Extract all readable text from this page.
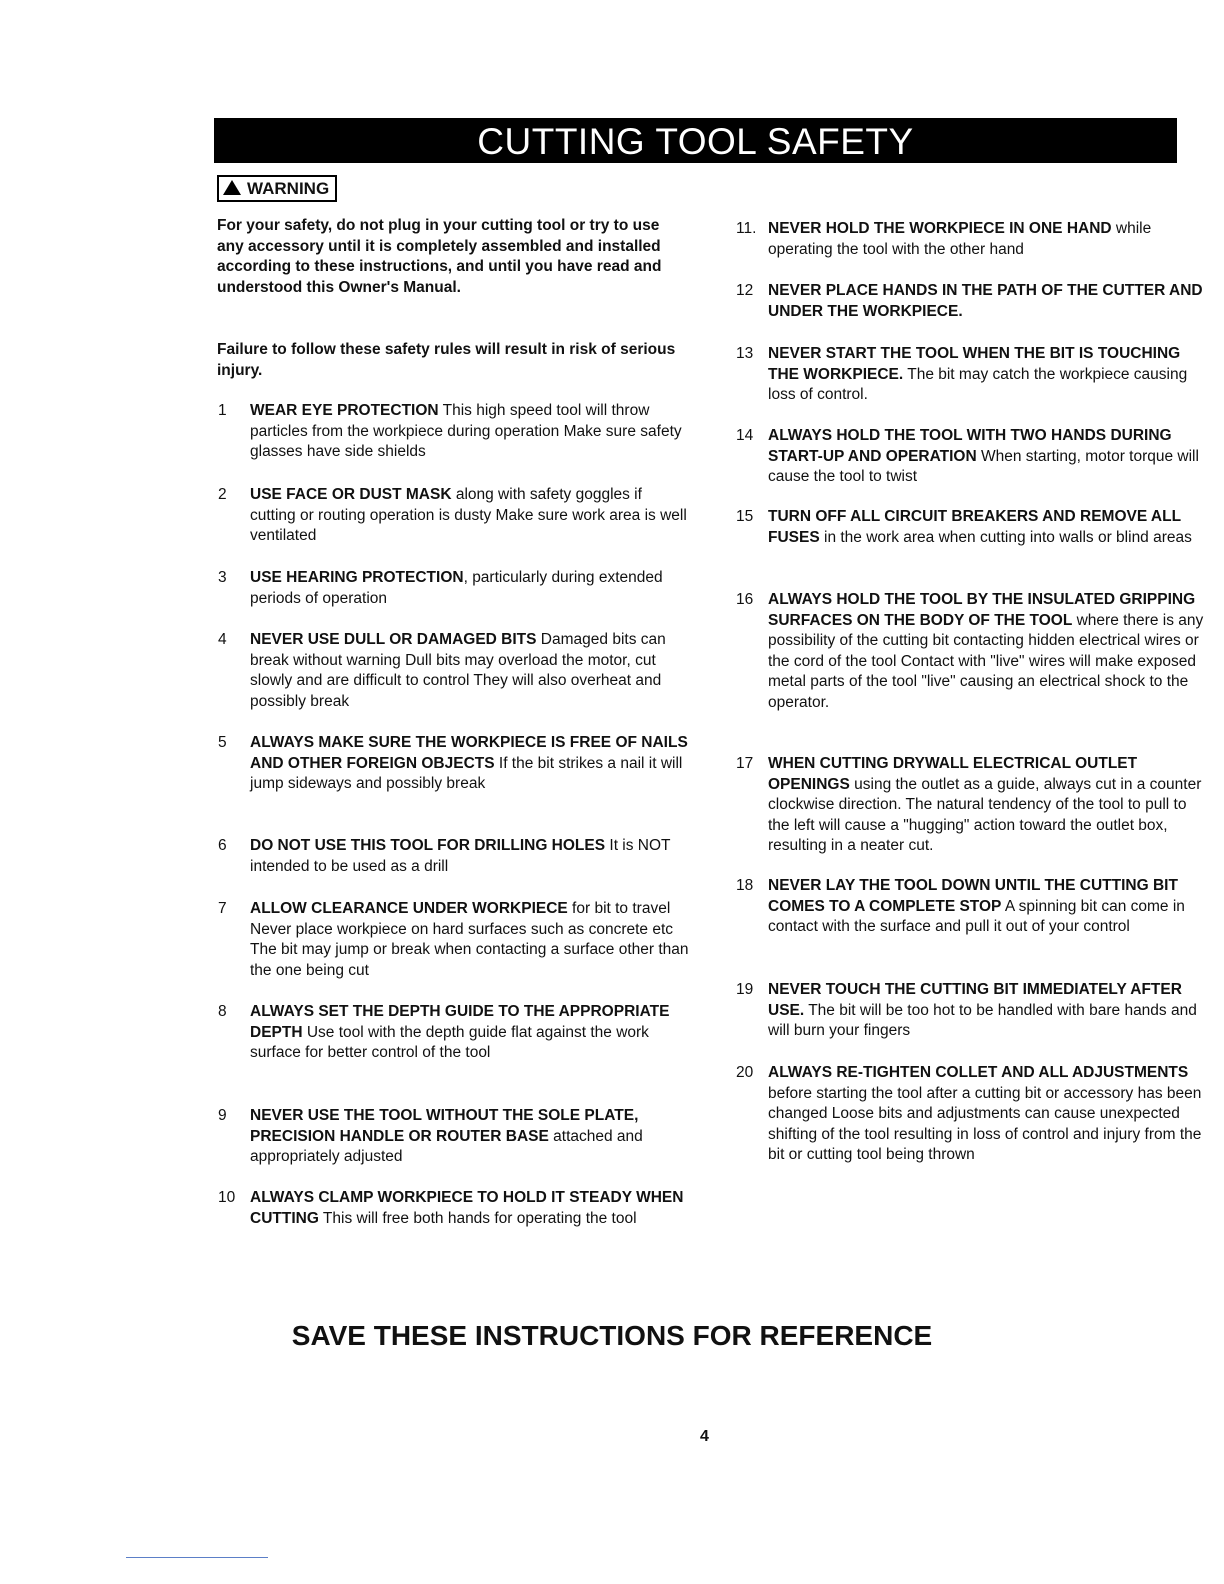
CUTTING TOOL SAFETY
WARNING
For your safety, do not plug in your cutting tool or try to use any accessory until it is completely assembled and installed according to these instructions, and until you have read and understood this Owner's Manual.
Failure to follow these safety rules will result in risk of serious injury.
1	WEAR EYE PROTECTION This high speed tool will throw particles from the workpiece during operation Make sure safety glasses have side shields
2	USE FACE OR DUST MASK along with safety goggles if cutting or routing operation is dusty Make sure work area is well ventilated
3	USE HEARING PROTECTION, particularly during extended periods of operation
4	NEVER USE DULL OR DAMAGED BITS Damaged bits can break without warning Dull bits may overload the motor, cut slowly and are difficult to control They will also overheat and possibly break
5	ALWAYS MAKE SURE THE WORKPIECE IS FREE OF NAILS AND OTHER FOREIGN OBJECTS If the bit strikes a nail it will jump sideways and possibly break
6	DO NOT USE THIS TOOL FOR DRILLING HOLES It is NOT intended to be used as a drill
7	ALLOW CLEARANCE UNDER WORKPIECE for bit to travel Never place workpiece on hard surfaces such as concrete etc The bit may jump or break when contacting a surface other than the one being cut
8	ALWAYS SET THE DEPTH GUIDE TO THE APPROPRIATE DEPTH Use tool with the depth guide flat against the work surface for better control of the tool
9	NEVER USE THE TOOL WITHOUT THE SOLE PLATE, PRECISION HANDLE OR ROUTER BASE attached and appropriately adjusted
10 ALWAYS CLAMP WORKPIECE TO HOLD IT STEADY WHEN CUTTING This will free both hands for operating the tool
11. NEVER HOLD THE WORKPIECE IN ONE HAND while operating the tool with the other hand
12 NEVER PLACE HANDS IN THE PATH OF THE CUTTER AND UNDER THE WORKPIECE.
13 NEVER START THE TOOL WHEN THE BIT IS TOUCHING THE WORKPIECE. The bit may catch the workpiece causing loss of control.
14 ALWAYS HOLD THE TOOL WITH TWO HANDS DURING START-UP AND OPERATION When starting, motor torque will cause the tool to twist
15 TURN OFF ALL CIRCUIT BREAKERS AND REMOVE ALL FUSES in the work area when cutting into walls or blind areas
16 ALWAYS HOLD THE TOOL BY THE INSULATED GRIPPING SURFACES ON THE BODY OF THE TOOL where there is any possibility of the cutting bit contacting hidden electrical wires or the cord of the tool Contact with "live" wires will make exposed metal parts of the tool "live" causing an electrical shock to the operator.
17 WHEN CUTTING DRYWALL ELECTRICAL OUTLET OPENINGS using the outlet as a guide, always cut in a counter clockwise direction. The natural tendency of the tool to pull to the left will cause a "hugging" action toward the outlet box, resulting in a neater cut.
18 NEVER LAY THE TOOL DOWN UNTIL THE CUTTING BIT COMES TO A COMPLETE STOP A spinning bit can come in contact with the surface and pull it out of your control
19 NEVER TOUCH THE CUTTING BIT IMMEDIATELY AFTER USE. The bit will be too hot to be handled with bare hands and will burn your fingers
20 ALWAYS RE-TIGHTEN COLLET AND ALL ADJUSTMENTS before starting the tool after a cutting bit or accessory has been changed Loose bits and adjustments can cause unexpected shifting of the tool resulting in loss of control and injury from the bit or cutting tool being thrown
SAVE THESE INSTRUCTIONS FOR REFERENCE
4
